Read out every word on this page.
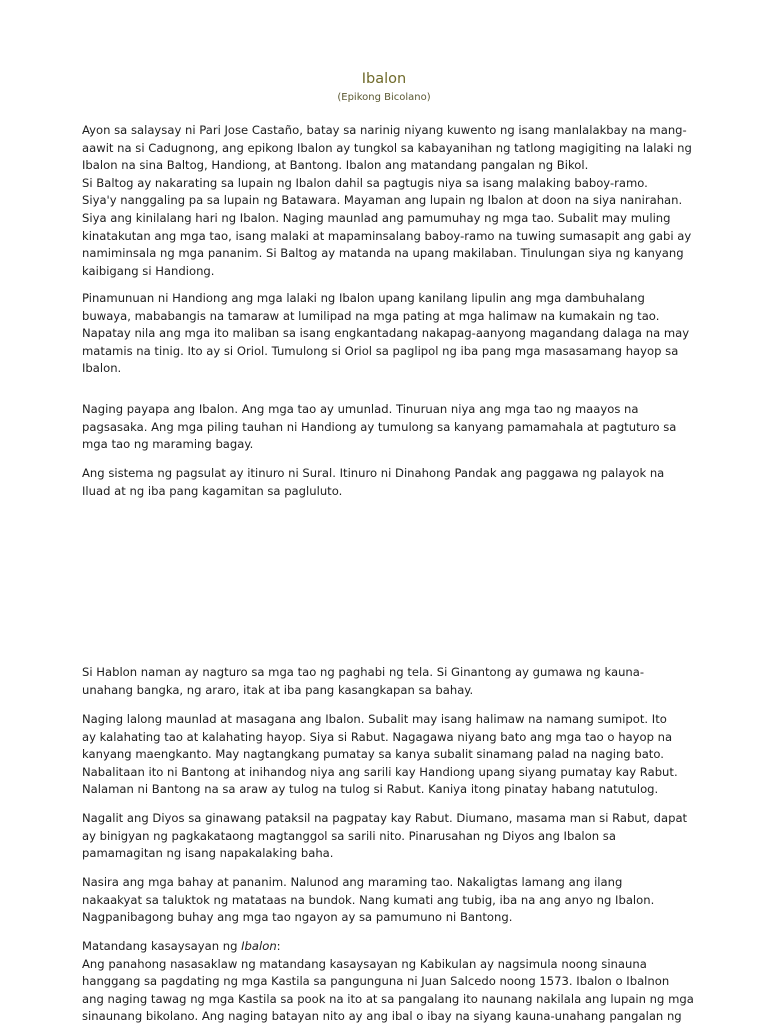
Ibalon
(Epikong Bicolano)
Ayon sa salaysay ni Pari Jose Castaño, batay sa narinig niyang kuwento ng isang manlalakbay na mang-
aawit na si Cadugnong, ang epikong Ibalon ay tungkol sa kabayanihan ng tatlong magigiting na lalaki ng
Ibalon na sina Baltog, Handiong, at Bantong. Ibalon ang matandang pangalan ng Bikol.
Si Baltog ay nakarating sa lupain ng Ibalon dahil sa pagtugis niya sa isang malaking baboy-ramo.
Siya'y nanggaling pa sa lupain ng Batawara. Mayaman ang lupain ng Ibalon at doon na siya nanirahan.
Siya ang kinilalang hari ng Ibalon. Naging maunlad ang pamumuhay ng mga tao. Subalit may muling
kinatakutan ang mga tao, isang malaki at mapaminsalang baboy-ramo na tuwing sumasapit ang gabi ay
namiminsala ng mga pananim. Si Baltog ay matanda na upang makilaban. Tinulungan siya ng kanyang
kaibigang si Handiong.
Pinamunuan ni Handiong ang mga lalaki ng Ibalon upang kanilang lipulin ang mga dambuhalang
buwaya, mababangis na tamaraw at lumilipad na mga pating at mga halimaw na kumakain ng tao.
Napatay nila ang mga ito maliban sa isang engkantadang nakapag-aanyong magandang dalaga na may
matamis na tinig. Ito ay si Oriol. Tumulong si Oriol sa paglipol ng iba pang mga masasamang hayop sa
Ibalon.
Naging payapa ang Ibalon. Ang mga tao ay umunlad. Tinuruan niya ang mga tao ng maayos na
pagsasaka. Ang mga piling tauhan ni Handiong ay tumulong sa kanyang pamamahala at pagtuturo sa
mga tao ng maraming bagay.
Ang sistema ng pagsulat ay itinuro ni Sural. Itinuro ni Dinahong Pandak ang paggawa ng palayok na
Iluad at ng iba pang kagamitan sa pagluluto.
Si Hablon naman ay nagturo sa mga tao ng paghabi ng tela. Si Ginantong ay gumawa ng kauna-
unahang bangka, ng araro, itak at iba pang kasangkapan sa bahay.
Naging lalong maunlad at masagana ang Ibalon. Subalit may isang halimaw na namang sumipot. Ito
ay kalahating tao at kalahating hayop. Siya si Rabut. Nagagawa niyang bato ang mga tao o hayop na
kanyang maengkanto. May nagtangkang pumatay sa kanya subalit sinamang palad na naging bato.
Nabalitaan ito ni Bantong at inihandog niya ang sarili kay Handiong upang siyang pumatay kay Rabut.
Nalaman ni Bantong na sa araw ay tulog na tulog si Rabut. Kaniya itong pinatay habang natutulog.
Nagalit ang Diyos sa ginawang pataksil na pagpatay kay Rabut. Diumano, masama man si Rabut, dapat
ay binigyan ng pagkakataong magtanggol sa sarili nito. Pinarusahan ng Diyos ang Ibalon sa
pamamagitan ng isang napakalaking baha.
Nasira ang mga bahay at pananim. Nalunod ang maraming tao. Nakaligtas lamang ang ilang
nakaakyat sa taluktok ng matataas na bundok. Nang kumati ang tubig, iba na ang anyo ng Ibalon.
Nagpanibagong buhay ang mga tao ngayon ay sa pamumuno ni Bantong.
Matandang kasaysayan ng Ibalon:
Ang panahong nasasaklaw ng matandang kasaysayan ng Kabikulan ay nagsimula noong sinauna
hanggang sa pagdating ng mga Kastila sa pangunguna ni Juan Salcedo noong 1573. Ibalon o Ibalnon
ang naging tawag ng mga Kastila sa pook na ito at sa pangalang ito naunang nakilala ang lupain ng mga
sinaunang bikolano. Ang naging batayan nito ay ang ibal o ibay na siyang kauna-unahang pangalan ng
